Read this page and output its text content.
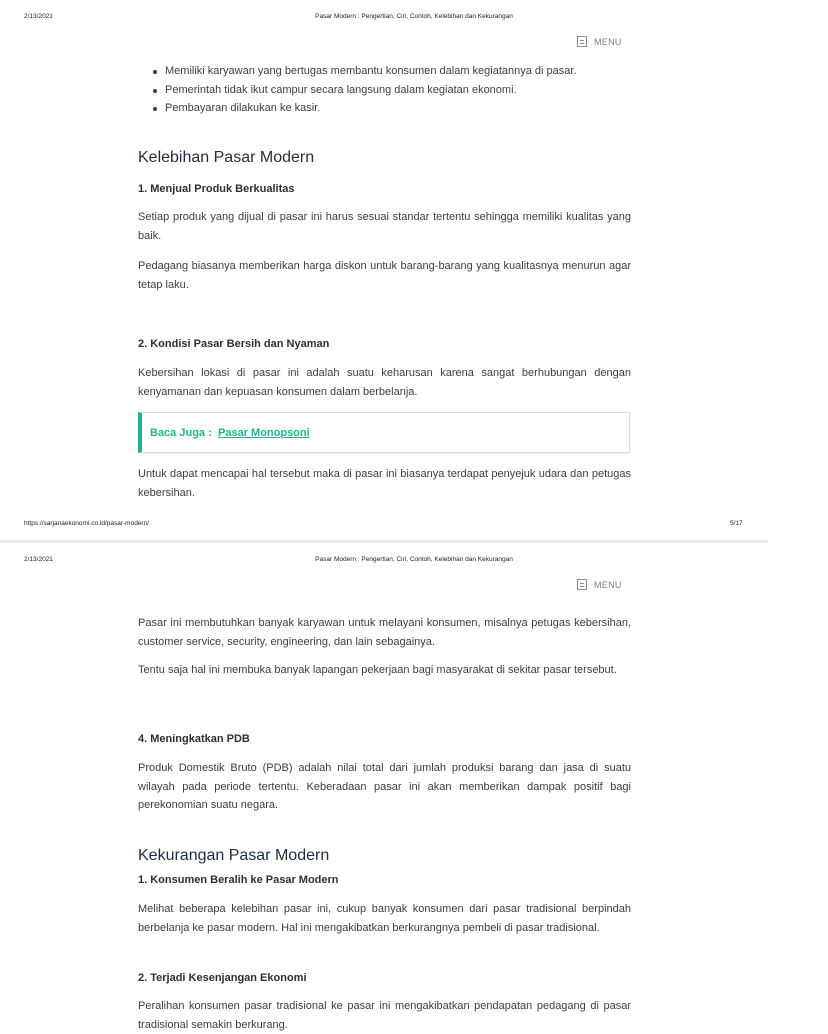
2/13/2021	Pasar Modern : Pengertian, Ciri, Contoh, Kelebihan dan Kekurangan
MENU
Memiliki karyawan yang bertugas membantu konsumen dalam kegiatannya di pasar.
Pemerintah tidak ikut campur secara langsung dalam kegiatan ekonomi.
Pembayaran dilakukan ke kasir.
Kelebihan Pasar Modern
1. Menjual Produk Berkualitas

Setiap produk yang dijual di pasar ini harus sesuai standar tertentu sehingga memiliki kualitas yang baik.

Pedagang biasanya memberikan harga diskon untuk barang-barang yang kualitasnya menurun agar tetap laku.

2. Kondisi Pasar Bersih dan Nyaman

Kebersihan lokasi di pasar ini adalah suatu keharusan karena sangat berhubungan dengan kenyamanan dan kepuasan konsumen dalam berbelanja.

Baca Juga : Pasar Monopsoni

Untuk dapat mencapai hal tersebut maka di pasar ini biasanya terdapat penyejuk udara dan petugas kebersihan.

https://sarjanaekonomi.co.id/pasar-modern/	5/17
2/13/2021	Pasar Modern : Pengertian, Ciri, Contoh, Kelebihan dan Kekurangan
MENU

Pasar ini membutuhkan banyak karyawan untuk melayani konsumen, misalnya petugas kebersihan, customer service, security, engineering, dan lain sebagainya.

Tentu saja hal ini membuka banyak lapangan pekerjaan bagi masyarakat di sekitar pasar tersebut.

4. Meningkatkan PDB

Produk Domestik Bruto (PDB) adalah nilai total dari jumlah produksi barang dan jasa di suatu wilayah pada periode tertentu. Keberadaan pasar ini akan memberikan dampak positif bagi perekonomian suatu negara.

Kekurangan Pasar Modern
1. Konsumen Beralih ke Pasar Modern

Melihat beberapa kelebihan pasar ini, cukup banyak konsumen dari pasar tradisional berpindah berbelanja ke pasar modern. Hal ini mengakibatkan berkurangnya pembeli di pasar tradisional.

2. Terjadi Kesenjangan Ekonomi

Peralihan konsumen pasar tradisional ke pasar ini mengakibatkan pendapatan pedagang di pasar tradisional semakin berkurang.
